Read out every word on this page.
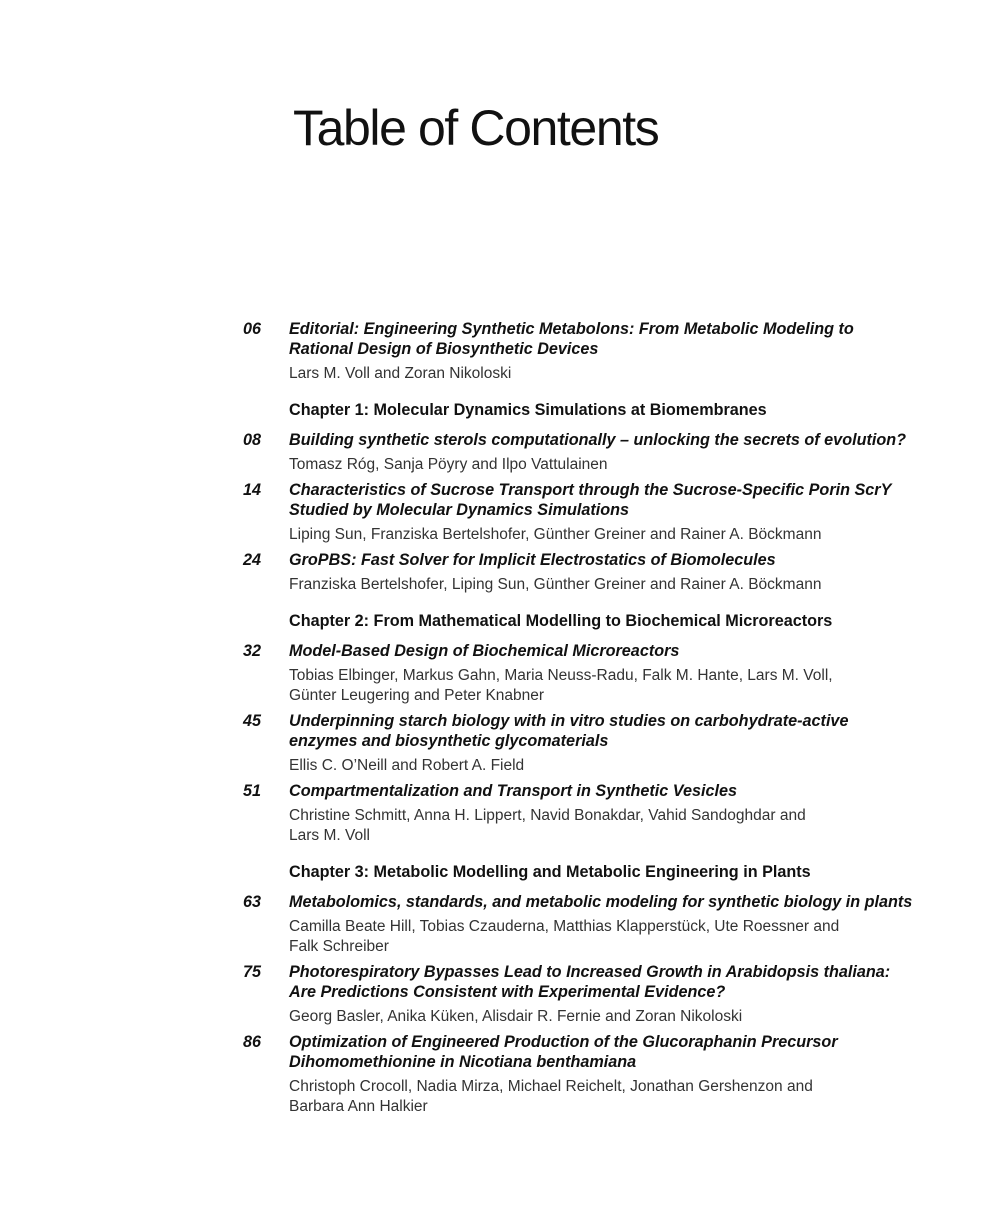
Table of Contents
06	Editorial: Engineering Synthetic Metabolons: From Metabolic Modeling to
Rational Design of Biosynthetic Devices
Lars M. Voll and Zoran Nikoloski
Chapter 1: Molecular Dynamics Simulations at Biomembranes
08	Building synthetic sterols computationally – unlocking the secrets of evolution?
Tomasz Róg, Sanja Pöyry and Ilpo Vattulainen
14	Characteristics of Sucrose Transport through the Sucrose-Specific Porin ScrY
Studied by Molecular Dynamics Simulations
Liping Sun, Franziska Bertelshofer, Günther Greiner and Rainer A. Böckmann
24	GroPBS: Fast Solver for Implicit Electrostatics of Biomolecules
Franziska Bertelshofer, Liping Sun, Günther Greiner and Rainer A. Böckmann
Chapter 2: From Mathematical Modelling to Biochemical Microreactors
32	Model-Based Design of Biochemical Microreactors
Tobias Elbinger, Markus Gahn, Maria Neuss-Radu, Falk M. Hante, Lars M. Voll,
Günter Leugering and Peter Knabner
45	Underpinning starch biology with in vitro studies on carbohydrate-active
enzymes and biosynthetic glycomaterials
Ellis C. O’Neill and Robert A. Field
51	Compartmentalization and Transport in Synthetic Vesicles
Christine Schmitt, Anna H. Lippert, Navid Bonakdar, Vahid Sandoghdar and
Lars M. Voll
Chapter 3: Metabolic Modelling and Metabolic Engineering in Plants
63	Metabolomics, standards, and metabolic modeling for synthetic biology in plants
Camilla Beate Hill, Tobias Czauderna, Matthias Klapperstück, Ute Roessner and
Falk Schreiber
75	Photorespiratory Bypasses Lead to Increased Growth in Arabidopsis thaliana:
Are Predictions Consistent with Experimental Evidence?
Georg Basler, Anika Küken, Alisdair R. Fernie and Zoran Nikoloski
86	Optimization of Engineered Production of the Glucoraphanin Precursor
Dihomomethionine in Nicotiana benthamiana
Christoph Crocoll, Nadia Mirza, Michael Reichelt, Jonathan Gershenzon and
Barbara Ann Halkier
